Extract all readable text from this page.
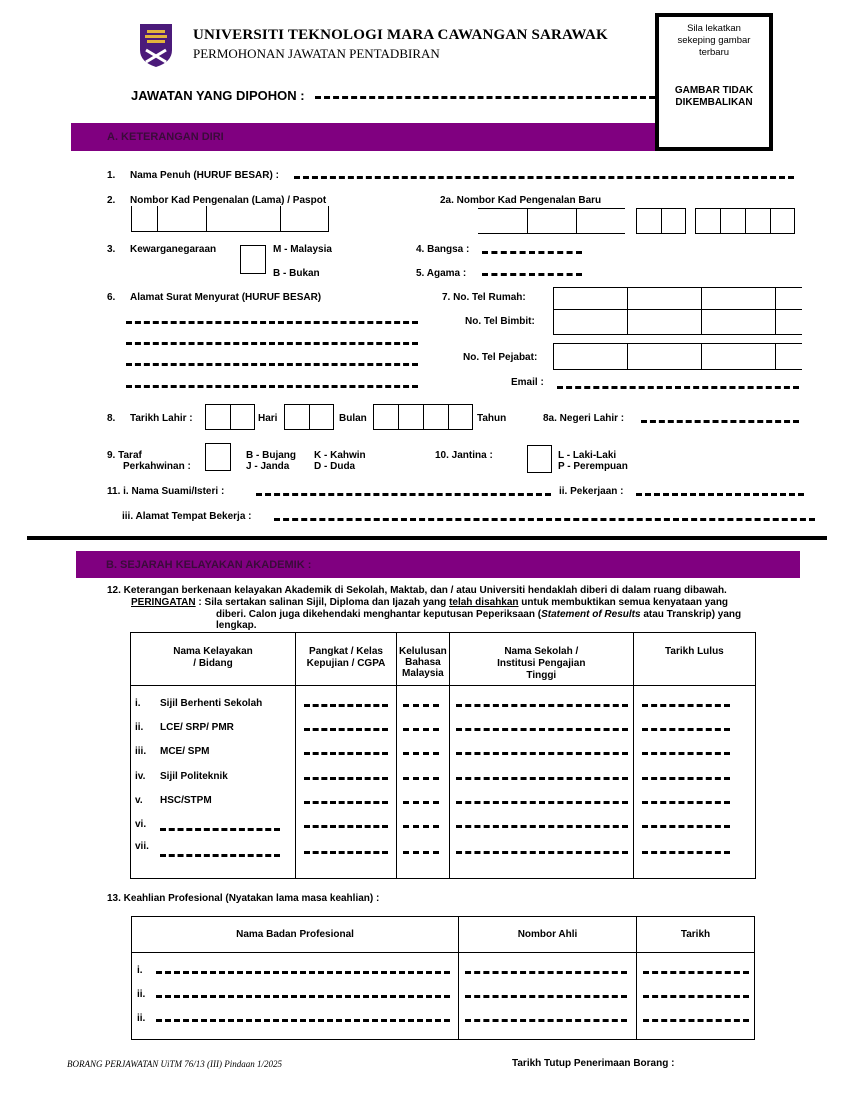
UNIVERSITI TEKNOLOGI MARA CAWANGAN SARAWAK
PERMOHONAN JAWATAN PENTADBIRAN
JAWATAN YANG DIPOHON :
Sila lekatkan sekeping gambar terbaru
GAMBAR TIDAK DIKEMBALIKAN
A. KETERANGAN DIRI
1. Nama Penuh (HURUF BESAR) :
2. Nombor Kad Pengenalan (Lama) / Paspot	2a. Nombor Kad Pengenalan Baru
3. Kewarganegaraan	M - Malaysia
B - Bukan
4. Bangsa :
5. Agama :
6. Alamat Surat Menyurat (HURUF BESAR)	7. No. Tel Rumah:
No. Tel Bimbit:
No. Tel Pejabat:
Email :
8. Tarikh Lahir :	Hari	Bulan	Tahun	8a. Negeri Lahir :
9. Taraf
Perkahwinan :
B - Bujang K - Kahwin
J - Janda D - Duda
10. Jantina :	L - Laki-Laki
P - Perempuan
11. i. Nama Suami/Isteri :	ii. Pekerjaan :
iii. Alamat Tempat Bekerja :
B. SEJARAH KELAYAKAN AKADEMIK :
12. Keterangan berkenaan kelayakan Akademik di Sekolah, Maktab, dan / atau Universiti hendaklah diberi di dalam ruang dibawah.
PERINGATAN : Sila sertakan salinan Sijil, Diploma dan Ijazah yang telah disahkan untuk membuktikan semua kenyataan yang
diberi. Calon juga dikehendaki menghantar keputusan Peperiksaan (Statement of Results atau Transkrip) yang
lengkap.
Nama Kelayakan / Bidang	Pangkat / Kelas Kepujian / CGPA	Kelulusan Bahasa Malaysia	Nama Sekolah / Institusi Pengajian Tinggi	Tarikh Lulus

i. Sijil Berhenti Sekolah
ii. LCE/ SRP/ PMR
iii. MCE/ SPM
iv. Sijil Politeknik
v. HSC/STPM
vi.
vii.

13. Keahlian Profesional (Nyatakan lama masa keahlian) :
Nama Badan Profesional	Nombor Ahli	Tarikh

i.
ii.
ii.		

BORANG PERJAWATAN UiTM 76/13 (III) Pindaan 1/2025	Tarikh Tutup Penerimaan Borang :
